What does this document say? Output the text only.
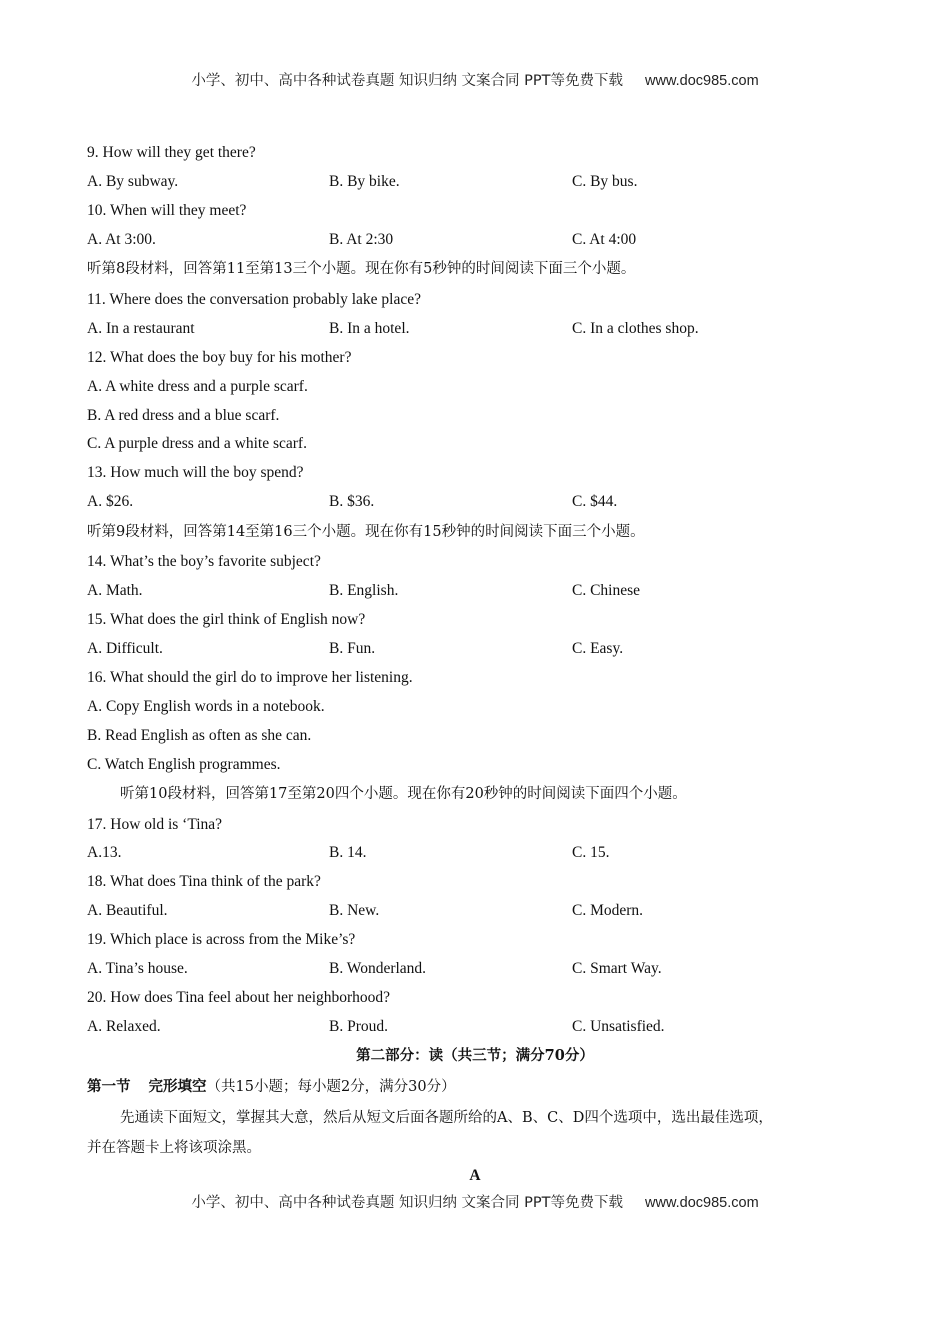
小学、初中、高中各种试卷真题 知识归纳 文案合同 PPT等免费下载 www.doc985.com
9. How will they get there?
A. By subway.	B. By bike.	C. By bus.
10. When will they meet?
A. At 3:00.	B. At 2:30	C. At 4:00
听第8段材料，回答第11至第13三个小题。现在你有5秒钟的时间阅读下面三个小题。
11. Where does the conversation probably lake place?
A. In a restaurant	B. In a hotel.	C. In a clothes shop.
12. What does the boy buy for his mother?
A. A white dress and a purple scarf.
B. A red dress and a blue scarf.
C. A purple dress and a white scarf.
13. How much will the boy spend?
A. $26.	B. $36.	C. $44.
听第9段材料，回答第14至第16三个小题。现在你有15秒钟的时间阅读下面三个小题。
14. What’s the boy’s favorite subject?
A. Math.	B. English.	C. Chinese
15. What does the girl think of English now?
A. Difficult.	B. Fun.	C. Easy.
16. What should the girl do to improve her listening.
A. Copy English words in a notebook.
B. Read English as often as she can.
C. Watch English programmes.
听第10段材料，回答第17至第20四个小题。现在你有20秒钟的时间阅读下面四个小题。
17. How old is ‘Tina?
A.13.	B. 14.	C. 15.
18. What does Tina think of the park?
A. Beautiful.	B. New.	C. Modern.
19. Which place is across from the Mike’s?
A. Tina’s house.	B. Wonderland.	C. Smart Way.
20. How does Tina feel about her neighborhood?
A. Relaxed.	B. Proud.	C. Unsatisfied.
第二部分：读（共三节；满分70分）
第一节 完形填空（共15小题；每小题2分，满分30分）
先通读下面短文，掌握其大意，然后从短文后面各题所给的A、B、C、D四个选项中，选出最佳选项，
并在答题卡上将该项涂黑。
A
小学、初中、高中各种试卷真题 知识归纳 文案合同 PPT等免费下载 www.doc985.com
